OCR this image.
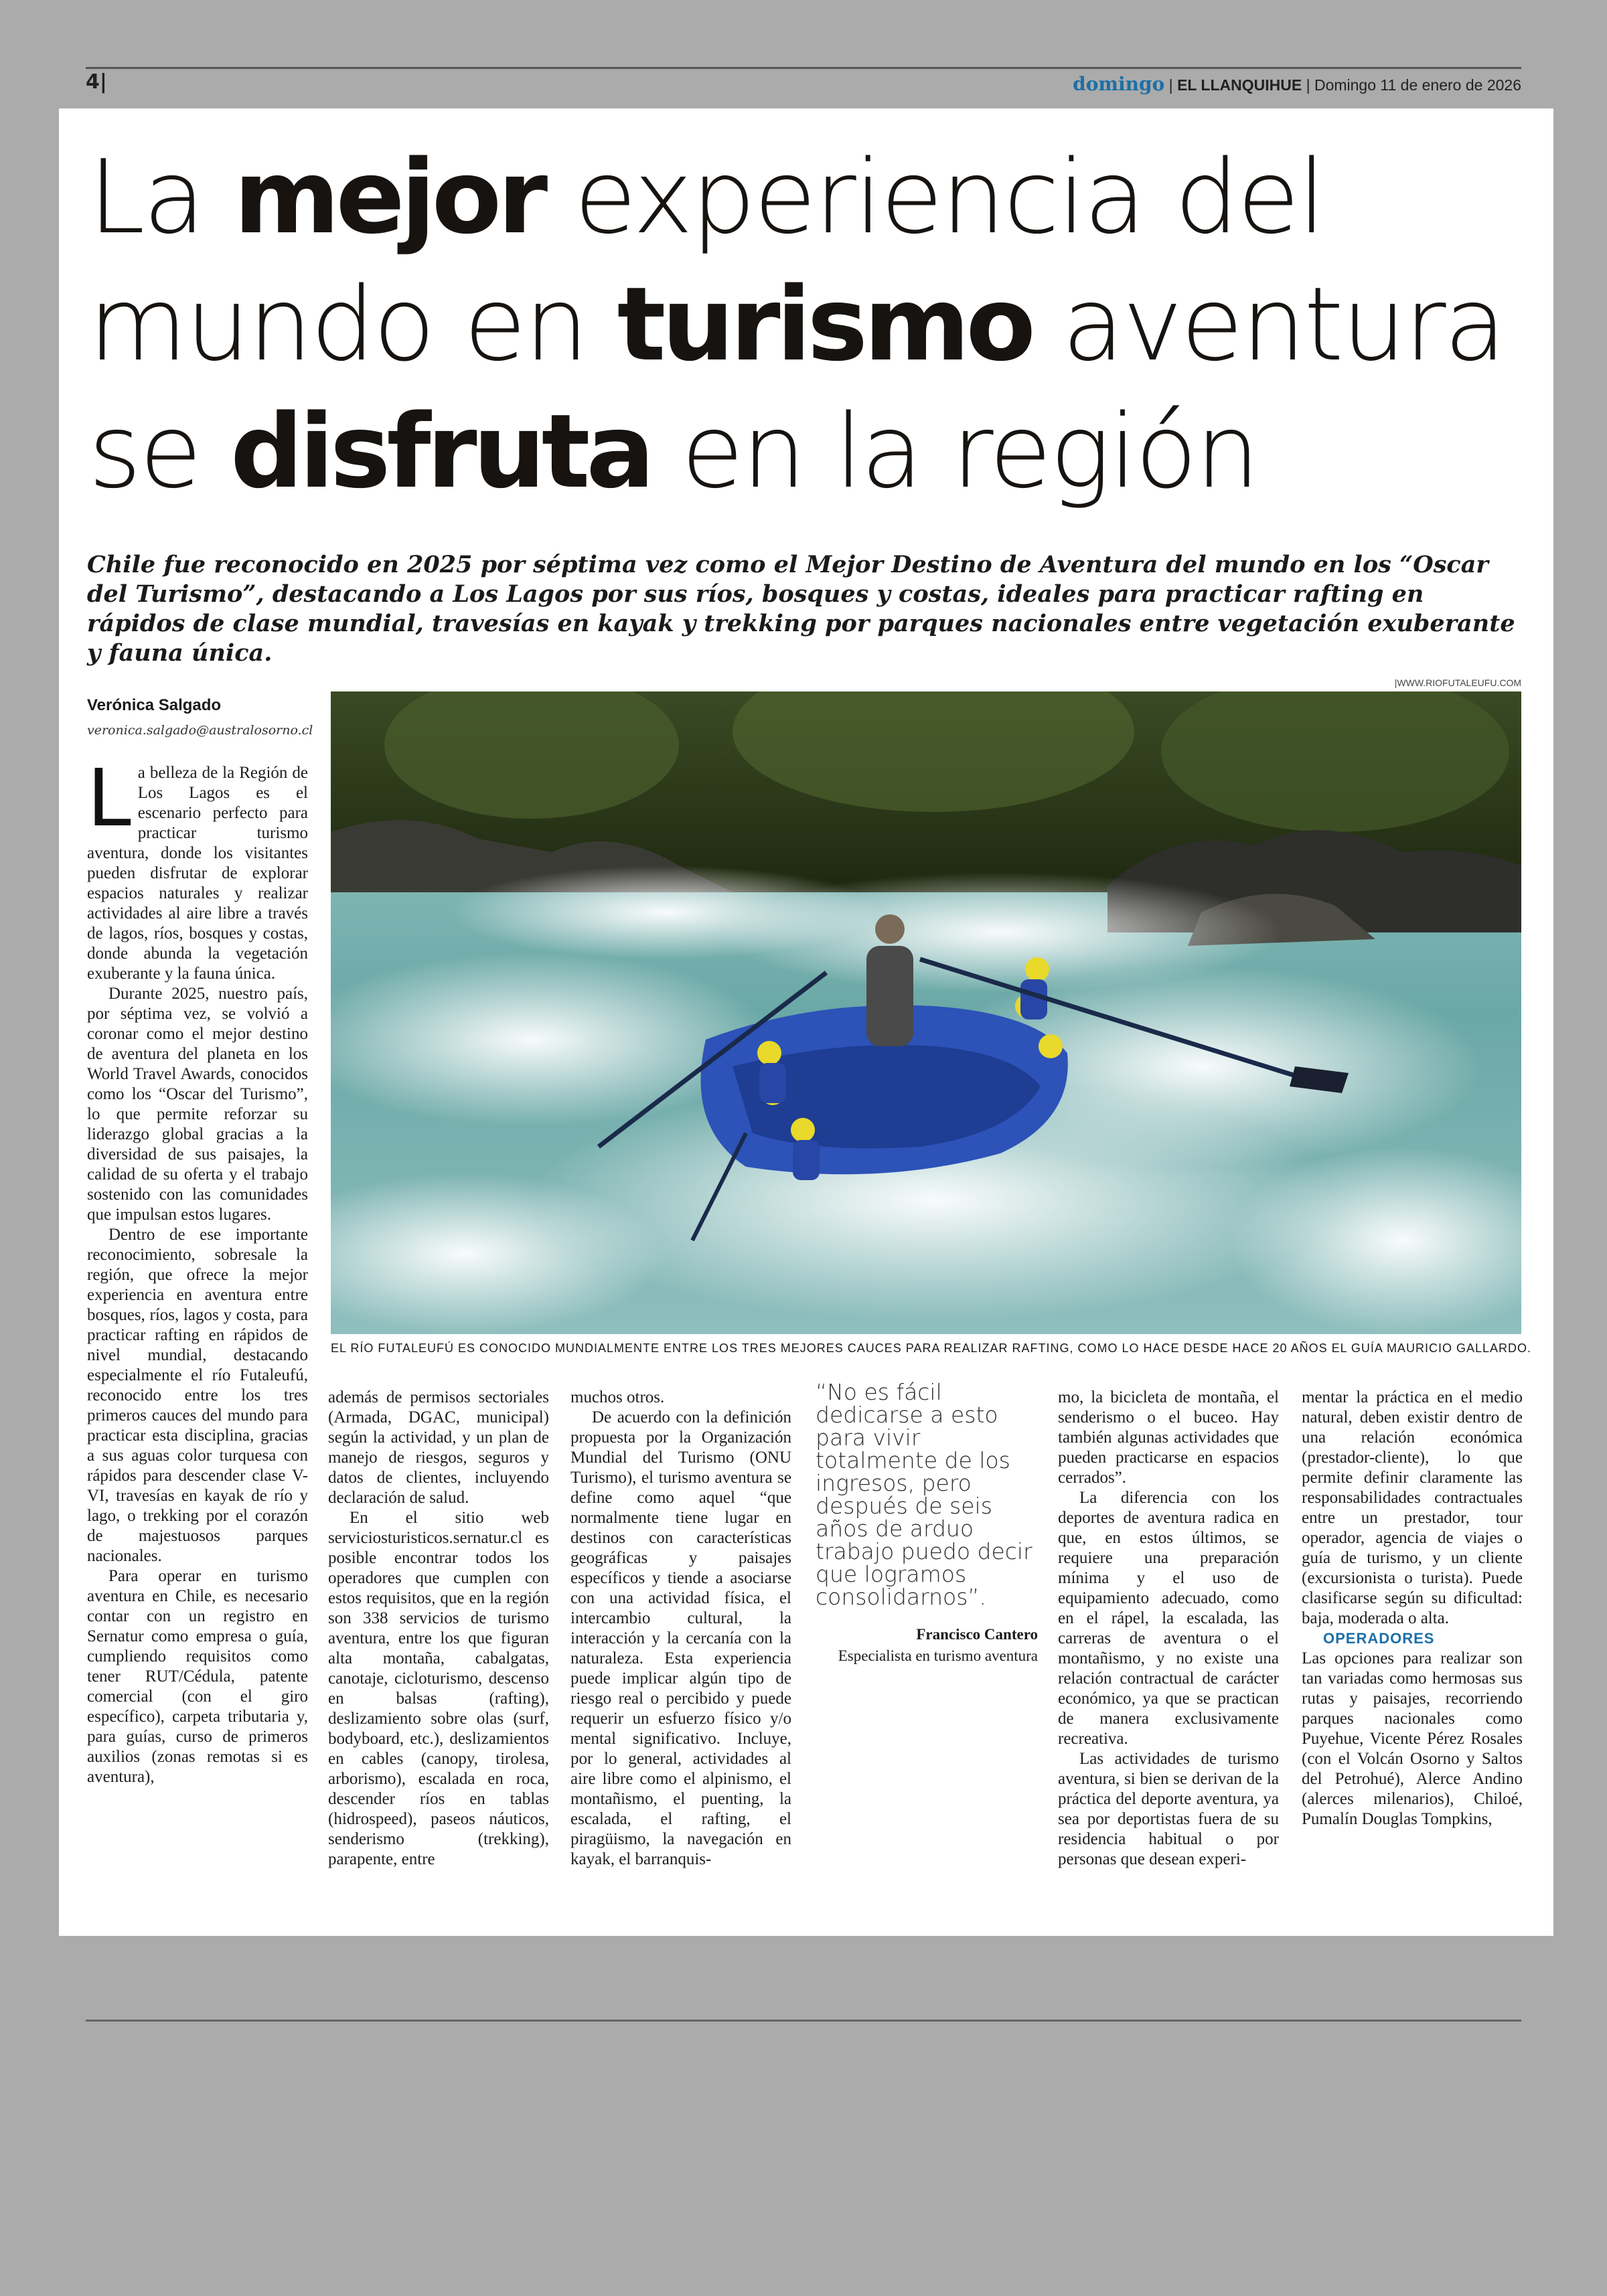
4|	domingo | EL LLANQUIHUE | Domingo 11 de enero de 2026
La mejor experiencia del
mundo en turismo aventura
se disfruta en la región
Chile fue reconocido en 2025 por séptima vez como el Mejor Destino de Aventura del mundo en los “Oscar del Turismo”, destacando a Los Lagos por sus ríos, bosques y costas, ideales para practicar rafting en rápidos de clase mundial, travesías en kayak y trekking por parques nacionales entre vegetación exuberante y fauna única.
Verónica Salgado
veronica.salgado@australosorno.cl
|WWW.RIOFUTALEUFU.COM
EL RÍO FUTALEUFÚ ES CONOCIDO MUNDIALMENTE ENTRE LOS TRES MEJORES CAUCES PARA REALIZAR RAFTING, COMO LO HACE DESDE HACE 20 AÑOS EL GUÍA MAURICIO GALLARDO.

La belleza de la Región de Los Lagos es el escenario perfecto para practicar turismo aventura, donde los visitantes pueden disfrutar de explorar espacios naturales y realizar actividades al aire libre a través de lagos, ríos, bosques y costas, donde abunda la vegetación exuberante y la fauna única.

Durante 2025, nuestro país, por séptima vez, se volvió a coronar como el mejor destino de aventura del planeta en los World Travel Awards, conocidos como los “Oscar del Turismo”, lo que permite reforzar su liderazgo global gracias a la diversidad de sus paisajes, la calidad de su oferta y el trabajo sostenido con las comunidades que impulsan estos lugares.

Dentro de ese importante reconocimiento, sobresale la región, que ofrece la mejor experiencia en aventura entre bosques, ríos, lagos y costa, para practicar rafting en rápidos de nivel mundial, destacando especialmente el río Futaleufú, reconocido entre los tres primeros cauces del mundo para practicar esta disciplina, gracias a sus aguas color turquesa con rápidos para descender clase V-VI, travesías en kayak de río y lago, o trekking por el corazón de majestuosos parques nacionales.

Para operar en turismo aventura en Chile, es necesario contar con un registro en Sernatur como empresa o guía, cumpliendo requisitos como tener RUT/Cédula, patente comercial (con el giro específico), carpeta tributaria y, para guías, curso de primeros auxilios (zonas remotas si es aventura),

además de permisos sectoriales (Armada, DGAC, municipal) según la actividad, y un plan de manejo de riesgos, seguros y datos de clientes, incluyendo declaración de salud.

En el sitio web serviciosturisticos.sernatur.cl es posible encontrar todos los operadores que cumplen con estos requisitos, que en la región son 338 servicios de turismo aventura, entre los que figuran alta montaña, cabalgatas, canotaje, cicloturismo, descenso en balsas (rafting), deslizamiento sobre olas (surf, bodyboard, etc.), deslizamientos en cables (canopy, tirolesa, arborismo), escalada en roca, descender ríos en tablas (hidrospeed), paseos náuticos, senderismo (trekking), parapente, entre

muchos otros.

De acuerdo con la definición propuesta por la Organización Mundial del Turismo (ONU Turismo), el turismo aventura se define como aquel “que normalmente tiene lugar en destinos con características geográficas y paisajes específicos y tiende a asociarse con una actividad física, el intercambio cultural, la interacción y la cercanía con la naturaleza. Esta experiencia puede implicar algún tipo de riesgo real o percibido y puede requerir un esfuerzo físico y/o mental significativo. Incluye, por lo general, actividades al aire libre como el alpinismo, el montañismo, el puenting, la escalada, el rafting, el piragüismo, la navegación en kayak, el barranquis-

“No es fácil dedicarse a esto para vivir totalmente de los ingresos, pero después de seis años de arduo trabajo puedo decir que logramos consolidarnos”.
Francisco Cantero
Especialista en turismo aventura

mo, la bicicleta de montaña, el senderismo o el buceo. Hay también algunas actividades que pueden practicarse en espacios cerrados”.

La diferencia con los deportes de aventura radica en que, en estos últimos, se requiere una preparación mínima y el uso de equipamiento adecuado, como en el rápel, la escalada, las carreras de aventura o el montañismo, y no existe una relación contractual de carácter económico, ya que se practican de manera exclusivamente recreativa.

Las actividades de turismo aventura, si bien se derivan de la práctica del deporte aventura, ya sea por deportistas fuera de su residencia habitual o por personas que desean experi-

mentar la práctica en el medio natural, deben existir dentro de una relación económica (prestador-cliente), lo que permite definir claramente las responsabilidades contractuales entre un prestador, tour operador, agencia de viajes o guía de turismo, y un cliente (excursionista o turista). Puede clasificarse según su dificultad: baja, moderada o alta.

OPERADORES

Las opciones para realizar son tan variadas como hermosas sus rutas y paisajes, recorriendo parques nacionales como Puyehue, Vicente Pérez Rosales (con el Volcán Osorno y Saltos del Petrohué), Alerce Andino (alerces milenarios), Chiloé, Pumalín Douglas Tompkins,
